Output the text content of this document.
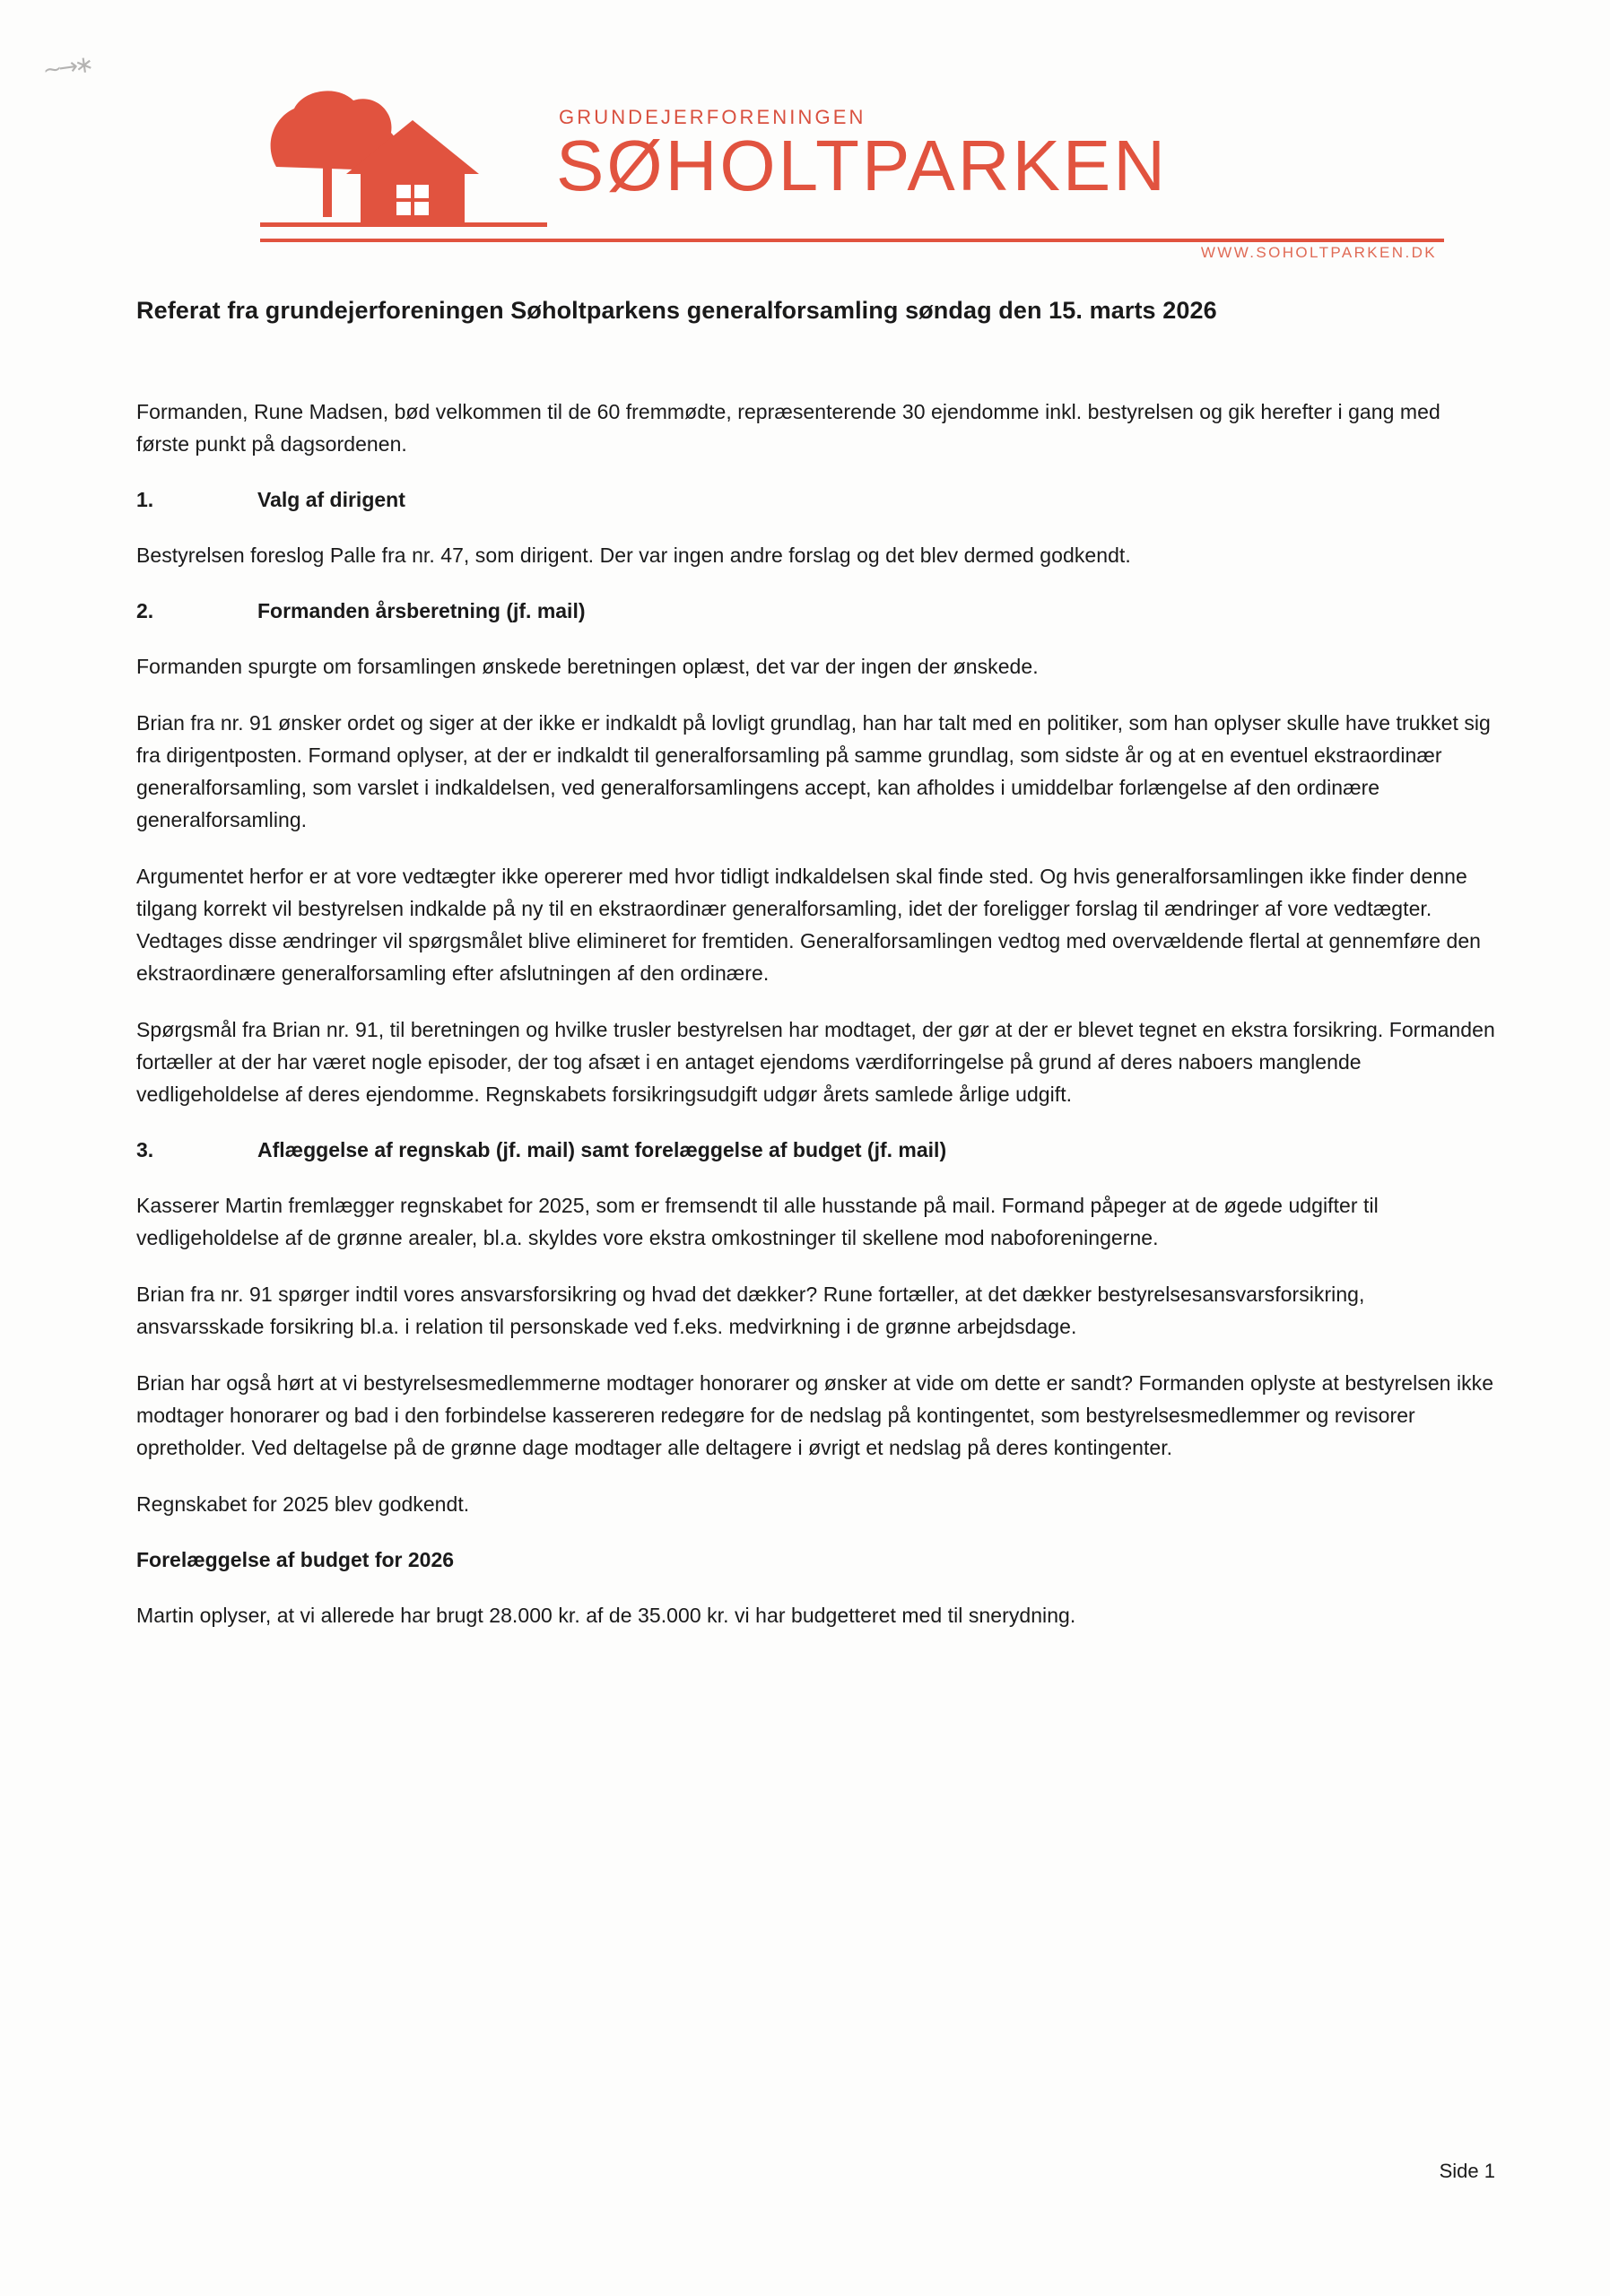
~→∗
GRUNDEJERFORENINGEN
SØHOLTPARKEN
WWW.SOHOLTPARKEN.DK
Referat fra grundejerforeningen Søholtparkens generalforsamling søndag den 15. marts 2026

Formanden, Rune Madsen, bød velkommen til de 60 fremmødte, repræsenterende 30 ejendomme inkl. bestyrelsen og gik herefter i gang med første punkt på dagsordenen.

1.	Valg af dirigent

Bestyrelsen foreslog Palle fra nr. 47, som dirigent. Der var ingen andre forslag og det blev dermed godkendt.

2.	Formanden årsberetning (jf. mail)

Formanden spurgte om forsamlingen ønskede beretningen oplæst, det var der ingen der ønskede.

Brian fra nr. 91 ønsker ordet og siger at der ikke er indkaldt på lovligt grundlag, han har talt med en politiker, som han oplyser skulle have trukket sig fra dirigentposten. Formand oplyser, at der er indkaldt til generalforsamling på samme grundlag, som sidste år og at en eventuel ekstraordinær generalforsamling, som varslet i indkaldelsen, ved generalforsamlingens accept, kan afholdes i umiddelbar forlængelse af den ordinære generalforsamling.

Argumentet herfor er at vore vedtægter ikke opererer med hvor tidligt indkaldelsen skal finde sted. Og hvis generalforsamlingen ikke finder denne tilgang korrekt vil bestyrelsen indkalde på ny til en ekstraordinær generalforsamling, idet der foreligger forslag til ændringer af vore vedtægter. Vedtages disse ændringer vil spørgsmålet blive elimineret for fremtiden. Generalforsamlingen vedtog med overvældende flertal at gennemføre den ekstraordinære generalforsamling efter afslutningen af den ordinære.

Spørgsmål fra Brian nr. 91, til beretningen og hvilke trusler bestyrelsen har modtaget, der gør at der er blevet tegnet en ekstra forsikring. Formanden fortæller at der har været nogle episoder, der tog afsæt i en antaget ejendoms værdiforringelse på grund af deres naboers manglende vedligeholdelse af deres ejendomme. Regnskabets forsikringsudgift udgør årets samlede årlige udgift.

3.	Aflæggelse af regnskab (jf. mail) samt forelæggelse af budget (jf. mail)

Kasserer Martin fremlægger regnskabet for 2025, som er fremsendt til alle husstande på mail. Formand påpeger at de øgede udgifter til vedligeholdelse af de grønne arealer, bl.a. skyldes vore ekstra omkostninger til skellene mod naboforeningerne.

Brian fra nr. 91 spørger indtil vores ansvarsforsikring og hvad det dækker? Rune fortæller, at det dækker bestyrelsesansvarsforsikring, ansvarsskade forsikring bl.a. i relation til personskade ved f.eks. medvirkning i de grønne arbejdsdage.

Brian har også hørt at vi bestyrelsesmedlemmerne modtager honorarer og ønsker at vide om dette er sandt? Formanden oplyste at bestyrelsen ikke modtager honorarer og bad i den forbindelse kassereren redegøre for de nedslag på kontingentet, som bestyrelsesmedlemmer og revisorer opretholder. Ved deltagelse på de grønne dage modtager alle deltagere i øvrigt et nedslag på deres kontingenter.

Regnskabet for 2025 blev godkendt.

Forelæggelse af budget for 2026

Martin oplyser, at vi allerede har brugt 28.000 kr. af de 35.000 kr. vi har budgetteret med til snerydning.

Side 1
